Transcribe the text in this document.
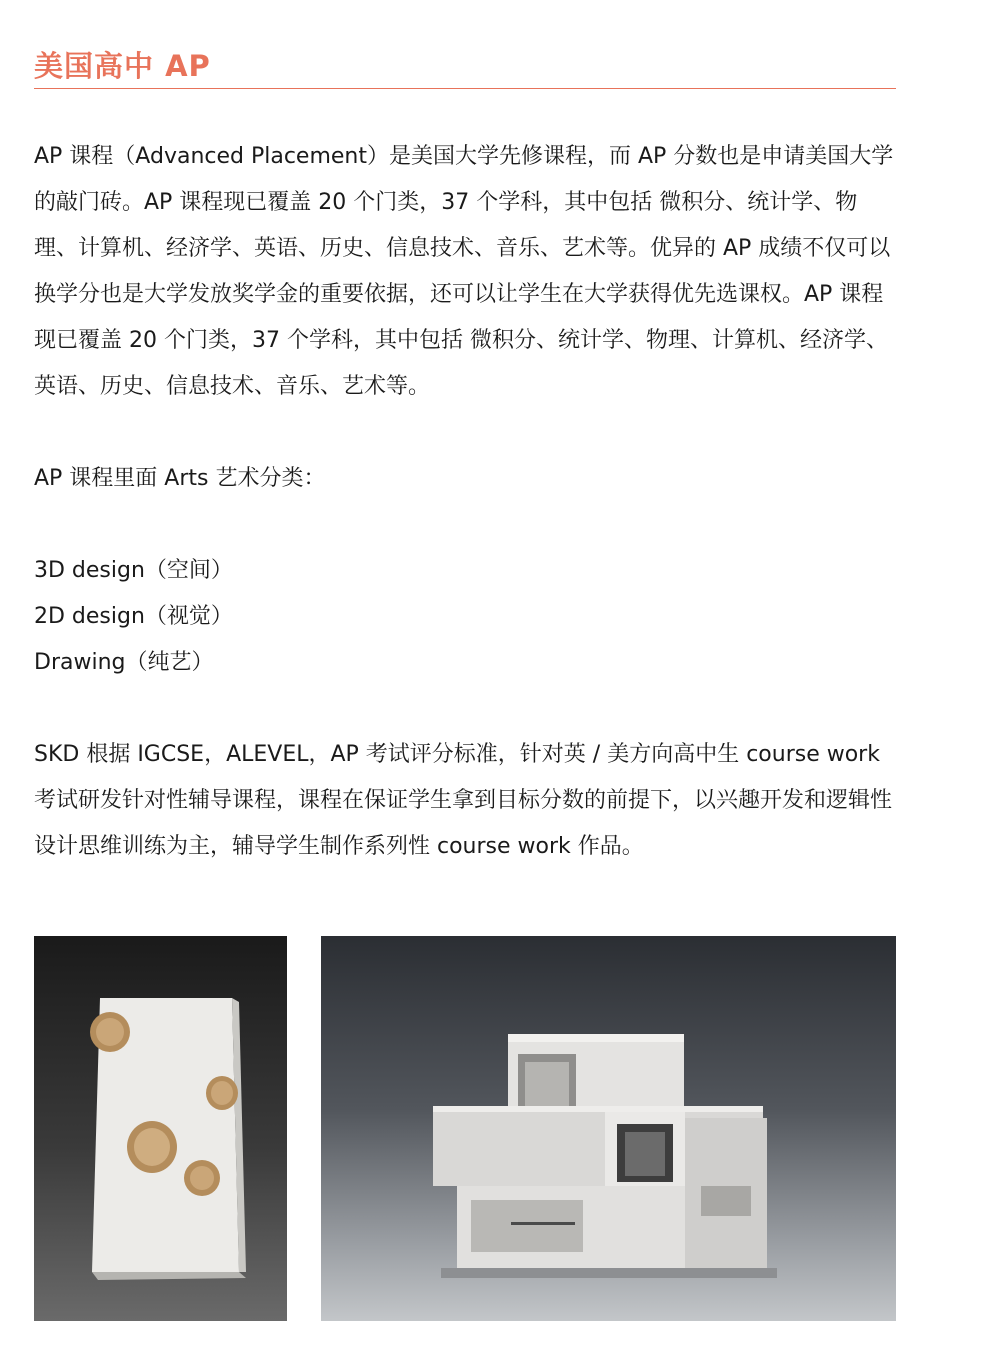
美国高中 AP

AP 课程（Advanced Placement）是美国大学先修课程，而 AP 分数也是申请美国大学的敲门砖。AP 课程现已覆盖 20 个门类，37 个学科，其中包括 微积分、统计学、物理、计算机、经济学、英语、历史、信息技术、音乐、艺术等。优异的 AP 成绩不仅可以换学分也是大学发放奖学金的重要依据，还可以让学生在大学获得优先选课权。AP 课程现已覆盖 20 个门类，37 个学科，其中包括 微积分、统计学、物理、计算机、经济学、英语、历史、信息技术、音乐、艺术等。

AP 课程里面 Arts 艺术分类：

3D design（空间）

2D design（视觉）

Drawing（纯艺）

SKD 根据 IGCSE，ALEVEL，AP 考试评分标准，针对英 / 美方向高中生 course work 考试研发针对性辅导课程，课程在保证学生拿到目标分数的前提下，以兴趣开发和逻辑性设计思维训练为主，辅导学生制作系列性 course work 作品。
